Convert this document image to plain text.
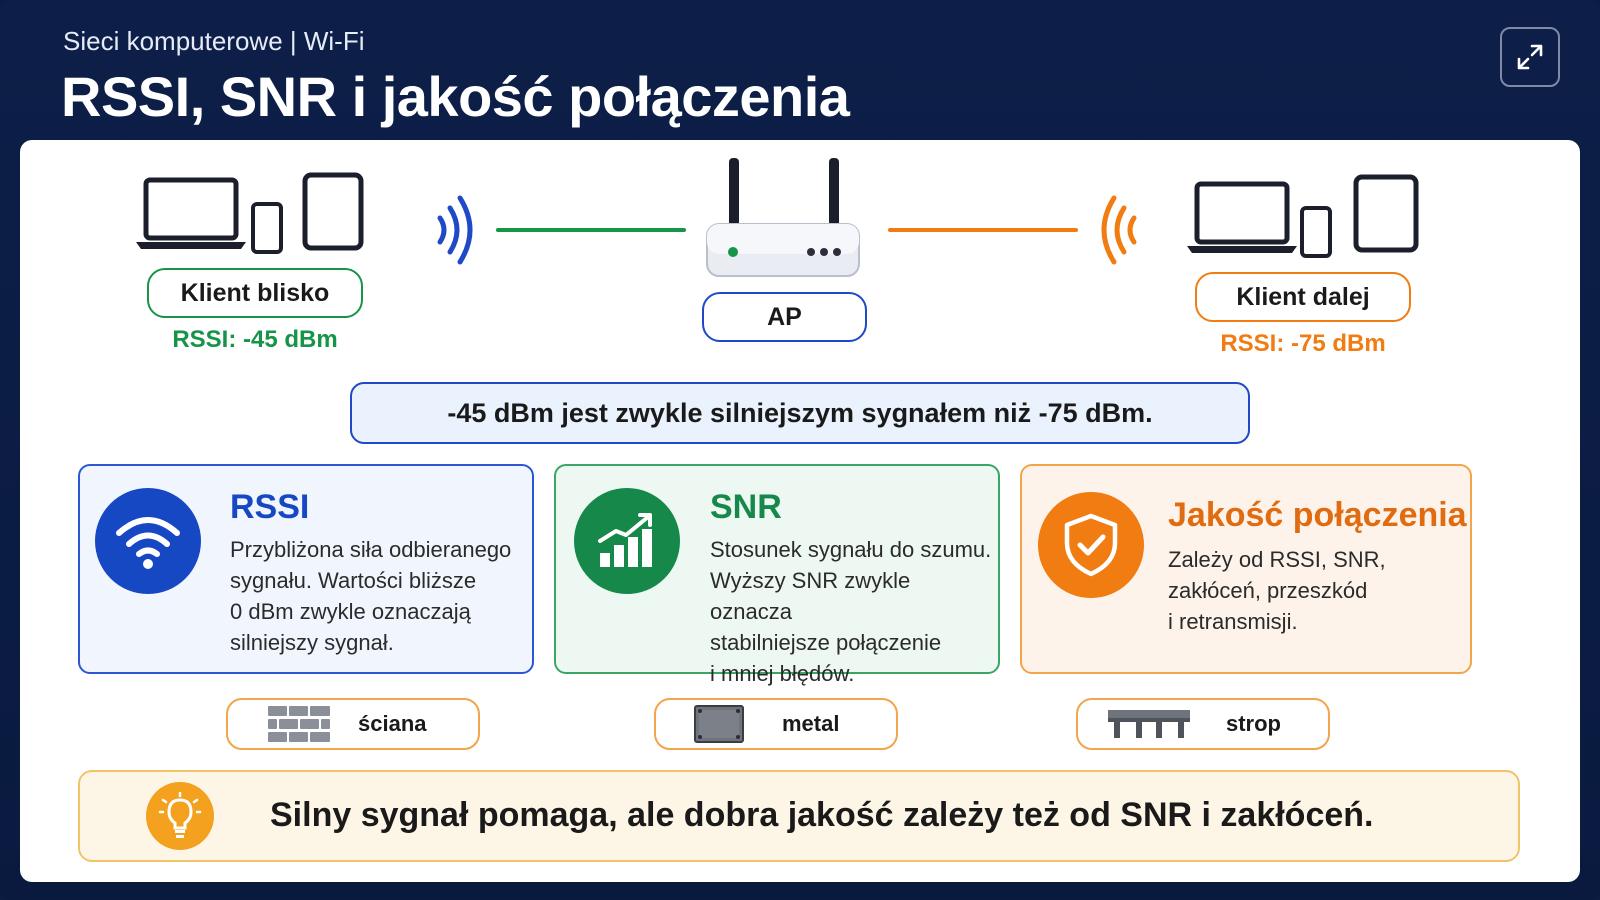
Sieci komputerowe | Wi-Fi
RSSI, SNR i jakość połączenia
Klient blisko
RSSI: -45 dBm
AP
Klient dalej
RSSI: -75 dBm
-45 dBm jest zwykle silniejszym sygnałem niż -75 dBm.
RSSI
Przybliżona siła odbieranego
sygnału. Wartości bliższe
0 dBm zwykle oznaczają
silniejszy sygnał.
SNR
Stosunek sygnału do szumu.
Wyższy SNR zwykle oznacza
stabilniejsze połączenie
i mniej błędów.
Jakość połączenia
Zależy od RSSI, SNR,
zakłóceń, przeszkód
i retransmisji.
ściana	metal	strop
Silny sygnał pomaga, ale dobra jakość zależy też od SNR i zakłóceń.
